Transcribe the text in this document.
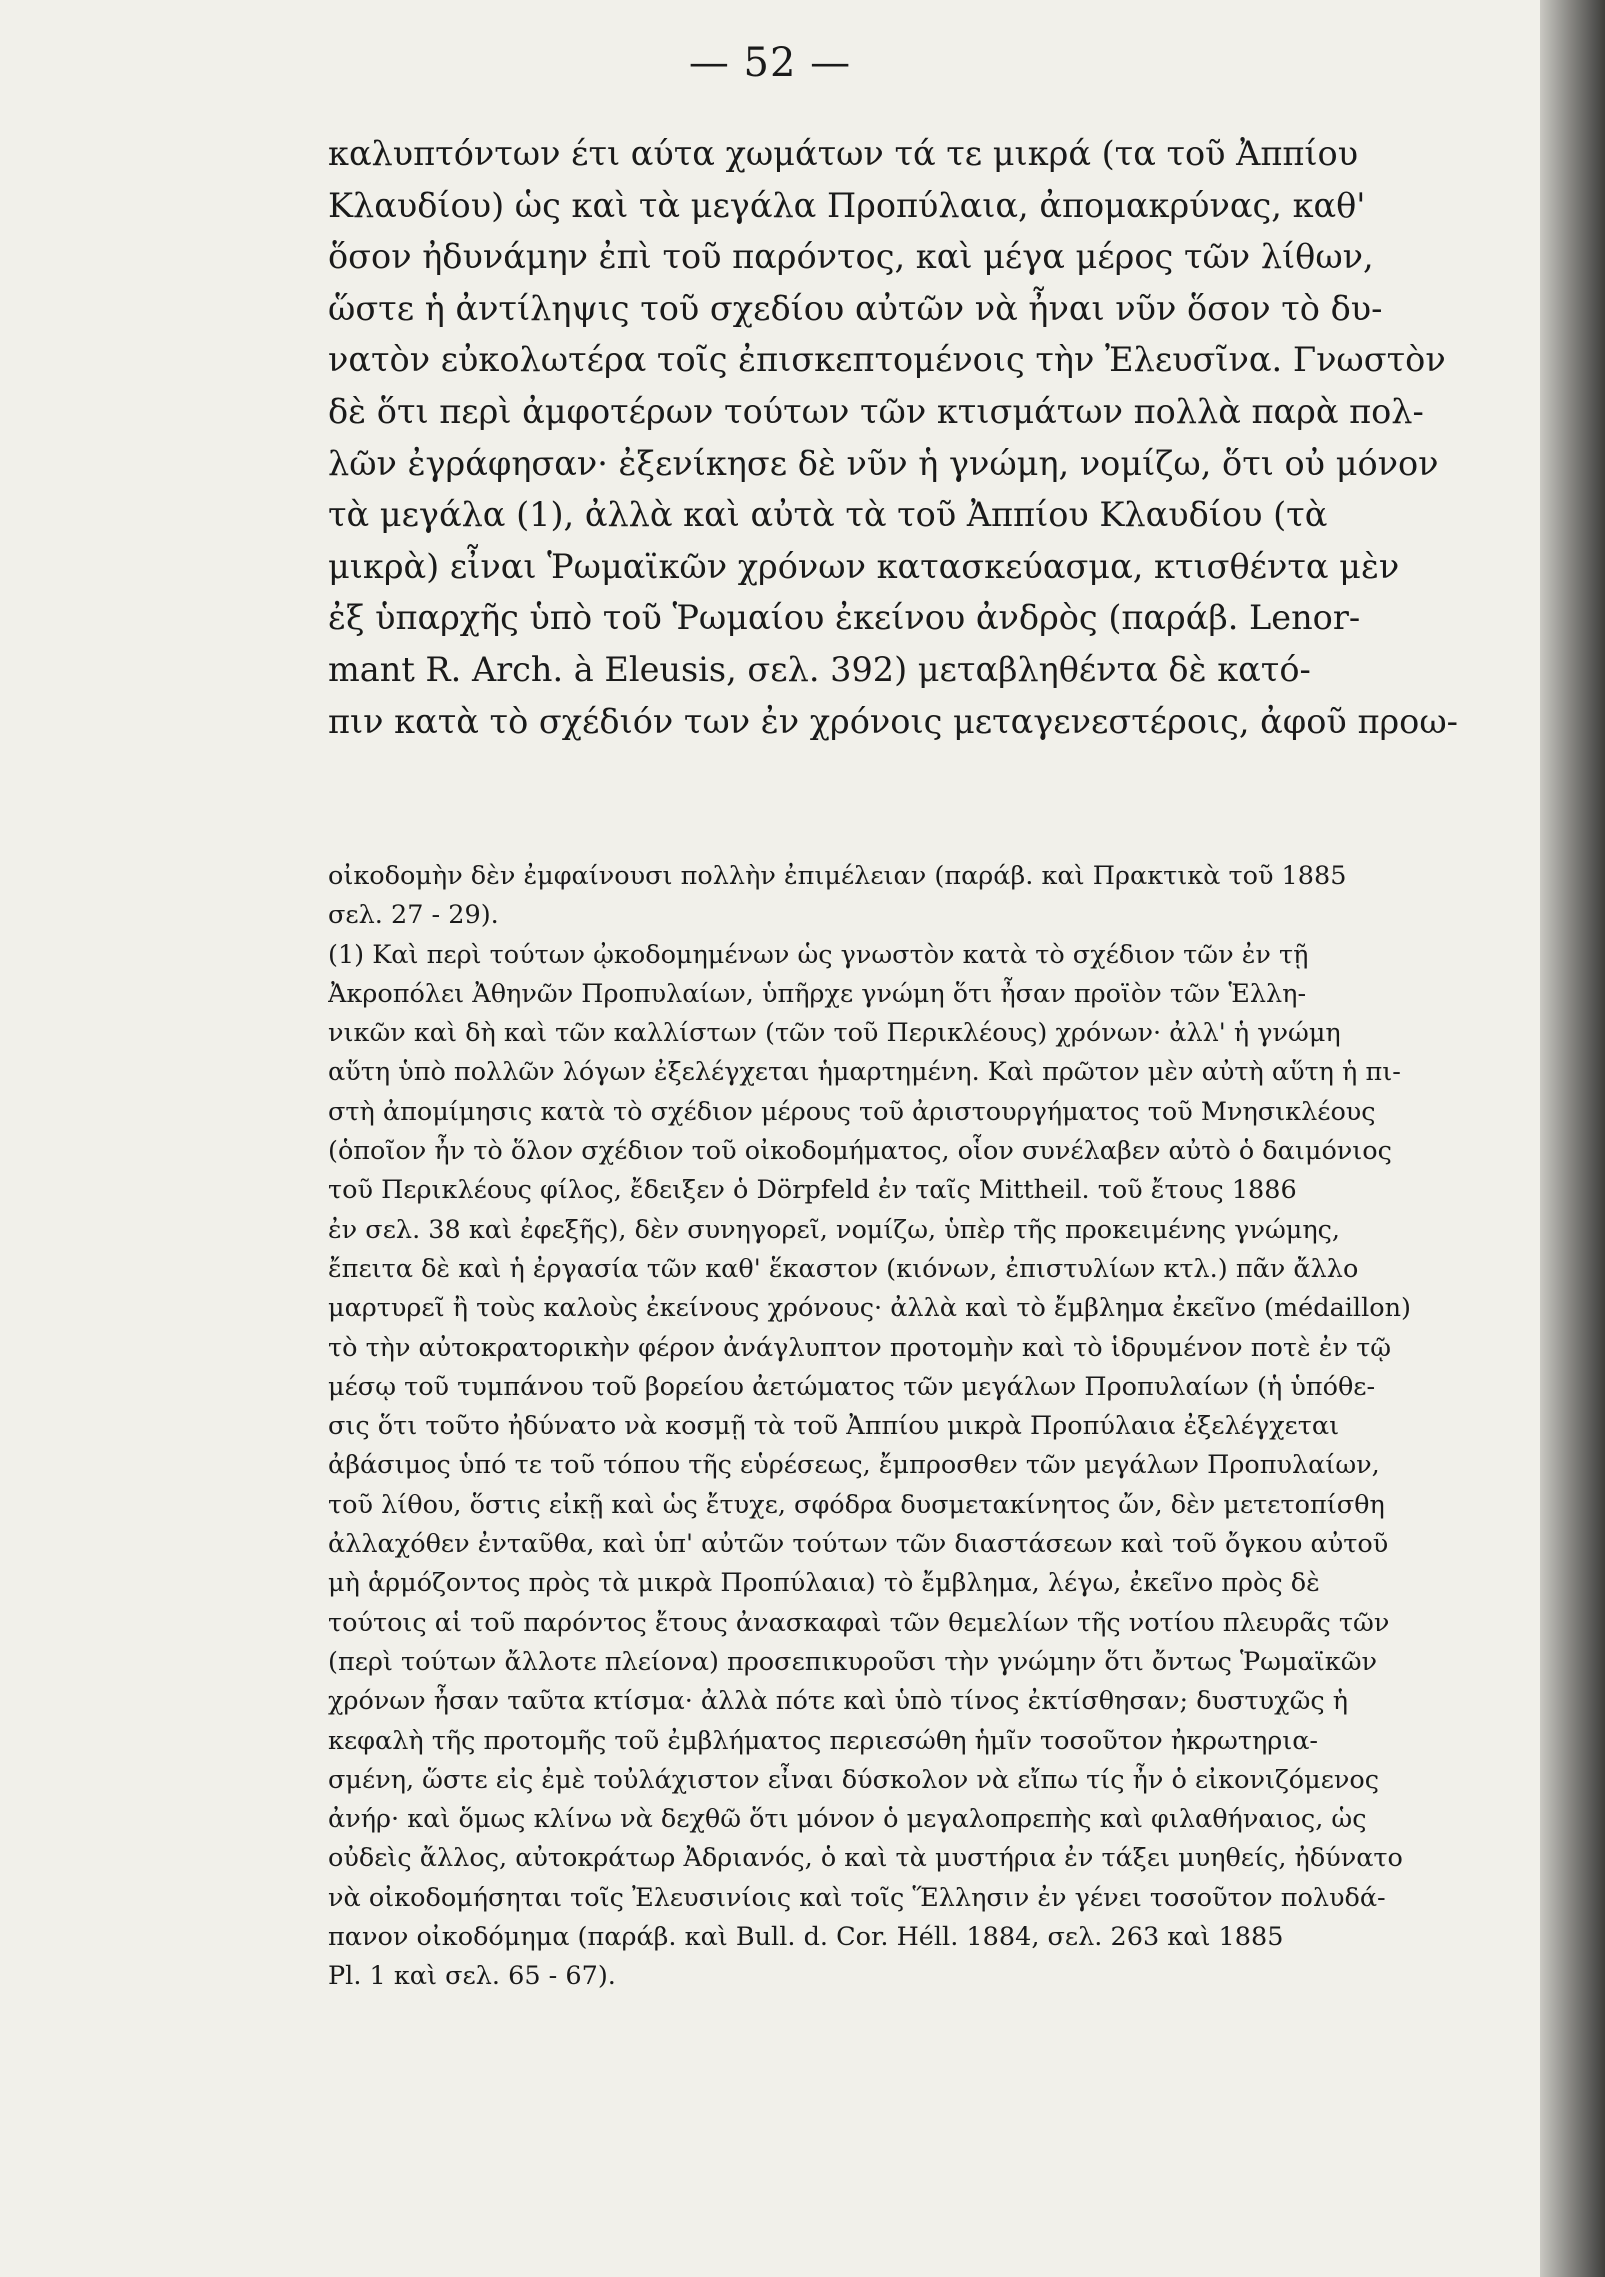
— 52 —
καλυπτόντων έτι αύτα χωμάτων τά τε μικρά (τα τοῦ Ἀππίου
Κλαυδίου) ὡς καὶ τὰ μεγάλα Προπύλαια, ἀπομακρύνας, καθ'
ὅσον ἠδυνάμην ἐπὶ τοῦ παρόντος, καὶ μέγα μέρος τῶν λίθων,
ὥστε ἡ ἀντίληψις τοῦ σχεδίου αὐτῶν νὰ ἦναι νῦν ὅσον τὸ δυ-
νατὸν εὐκολωτέρα τοῖς ἐπισκεπτομένοις τὴν Ἐλευσῖνα. Γνωστὸν
δὲ ὅτι περὶ ἀμφοτέρων τούτων τῶν κτισμάτων πολλὰ παρὰ πολ-
λῶν ἐγράφησαν· ἐξενίκησε δὲ νῦν ἡ γνώμη, νομίζω, ὅτι οὐ μόνον
τὰ μεγάλα (1), ἀλλὰ καὶ αὐτὰ τὰ τοῦ Ἀππίου Κλαυδίου (τὰ
μικρὰ) εἶναι Ῥωμαϊκῶν χρόνων κατασκεύασμα, κτισθέντα μὲν
ἐξ ὑπαρχῆς ὑπὸ τοῦ Ῥωμαίου ἐκείνου ἀνδρὸς (παράβ. Lenor-
mant R. Arch. à Eleusis, σελ. 392) μεταβληθέντα δὲ κατό-
πιν κατὰ τὸ σχέδιόν των ἐν χρόνοις μεταγενεστέροις, ἀφοῦ προω-
οἰκοδομὴν δὲν ἐμφαίνουσι πολλὴν ἐπιμέλειαν (παράβ. καὶ Πρακτικὰ τοῦ 1885
σελ. 27 - 29).
(1) Καὶ περὶ τούτων ᾠκοδομημένων ὡς γνωστὸν κατὰ τὸ σχέδιον τῶν ἐν τῇ
Ἀκροπόλει Ἀθηνῶν Προπυλαίων, ὑπῆρχε γνώμη ὅτι ἦσαν προϊὸν τῶν Ἑλλη-
νικῶν καὶ δὴ καὶ τῶν καλλίστων (τῶν τοῦ Περικλέους) χρόνων· ἀλλ' ἡ γνώμη
αὕτη ὑπὸ πολλῶν λόγων ἐξελέγχεται ἡμαρτημένη. Καὶ πρῶτον μὲν αὐτὴ αὕτη ἡ πι-
στὴ ἀπομίμησις κατὰ τὸ σχέδιον μέρους τοῦ ἀριστουργήματος τοῦ Μνησικλέους
(ὁποῖον ἦν τὸ ὅλον σχέδιον τοῦ οἰκοδομήματος, οἷον συνέλαβεν αὐτὸ ὁ δαιμόνιος
τοῦ Περικλέους φίλος, ἔδειξεν ὁ Dörpfeld ἐν ταῖς Mittheil. τοῦ ἔτους 1886
ἐν σελ. 38 καὶ ἐφεξῆς), δὲν συνηγορεῖ, νομίζω, ὑπὲρ τῆς προκειμένης γνώμης,
ἔπειτα δὲ καὶ ἡ ἐργασία τῶν καθ' ἕκαστον (κιόνων, ἐπιστυλίων κτλ.) πᾶν ἄλλο
μαρτυρεῖ ἢ τοὺς καλοὺς ἐκείνους χρόνους· ἀλλὰ καὶ τὸ ἔμβλημα ἐκεῖνο (médaillon)
τὸ τὴν αὐτοκρατορικὴν φέρον ἀνάγλυπτον προτομὴν καὶ τὸ ἱδρυμένον ποτὲ ἐν τῷ
μέσῳ τοῦ τυμπάνου τοῦ βορείου ἀετώματος τῶν μεγάλων Προπυλαίων (ἡ ὑπόθε-
σις ὅτι τοῦτο ἠδύνατο νὰ κοσμῇ τὰ τοῦ Ἀππίου μικρὰ Προπύλαια ἐξελέγχεται
ἀβάσιμος ὑπό τε τοῦ τόπου τῆς εὑρέσεως, ἔμπροσθεν τῶν μεγάλων Προπυλαίων,
τοῦ λίθου, ὅστις εἰκῇ καὶ ὡς ἔτυχε, σφόδρα δυσμετακίνητος ὤν, δὲν μετετοπίσθη
ἀλλαχόθεν ἐνταῦθα, καὶ ὑπ' αὐτῶν τούτων τῶν διαστάσεων καὶ τοῦ ὄγκου αὐτοῦ
μὴ ἁρμόζοντος πρὸς τὰ μικρὰ Προπύλαια) τὸ ἔμβλημα, λέγω, ἐκεῖνο πρὸς δὲ
τούτοις αἱ τοῦ παρόντος ἔτους ἀνασκαφαὶ τῶν θεμελίων τῆς νοτίου πλευρᾶς τῶν
(περὶ τούτων ἄλλοτε πλείονα) προσεπικυροῦσι τὴν γνώμην ὅτι ὄντως Ῥωμαϊκῶν
χρόνων ἦσαν ταῦτα κτίσμα· ἀλλὰ πότε καὶ ὑπὸ τίνος ἐκτίσθησαν; δυστυχῶς ἡ
κεφαλὴ τῆς προτομῆς τοῦ ἐμβλήματος περιεσώθη ἡμῖν τοσοῦτον ἠκρωτηρια-
σμένη, ὥστε εἰς ἐμὲ τοὐλάχιστον εἶναι δύσκολον νὰ εἴπω τίς ἦν ὁ εἰκονιζόμενος
ἀνήρ· καὶ ὅμως κλίνω νὰ δεχθῶ ὅτι μόνον ὁ μεγαλοπρεπὴς καὶ φιλαθήναιος, ὡς
οὐδεὶς ἄλλος, αὐτοκράτωρ Ἀδριανός, ὁ καὶ τὰ μυστήρια ἐν τάξει μυηθείς, ἠδύνατο
νὰ οἰκοδομήσηται τοῖς Ἐλευσινίοις καὶ τοῖς Ἕλλησιν ἐν γένει τοσοῦτον πολυδά-
πανον οἰκοδόμημα (παράβ. καὶ Bull. d. Cor. Héll. 1884, σελ. 263 καὶ 1885
Pl. 1 καὶ σελ. 65 - 67).
